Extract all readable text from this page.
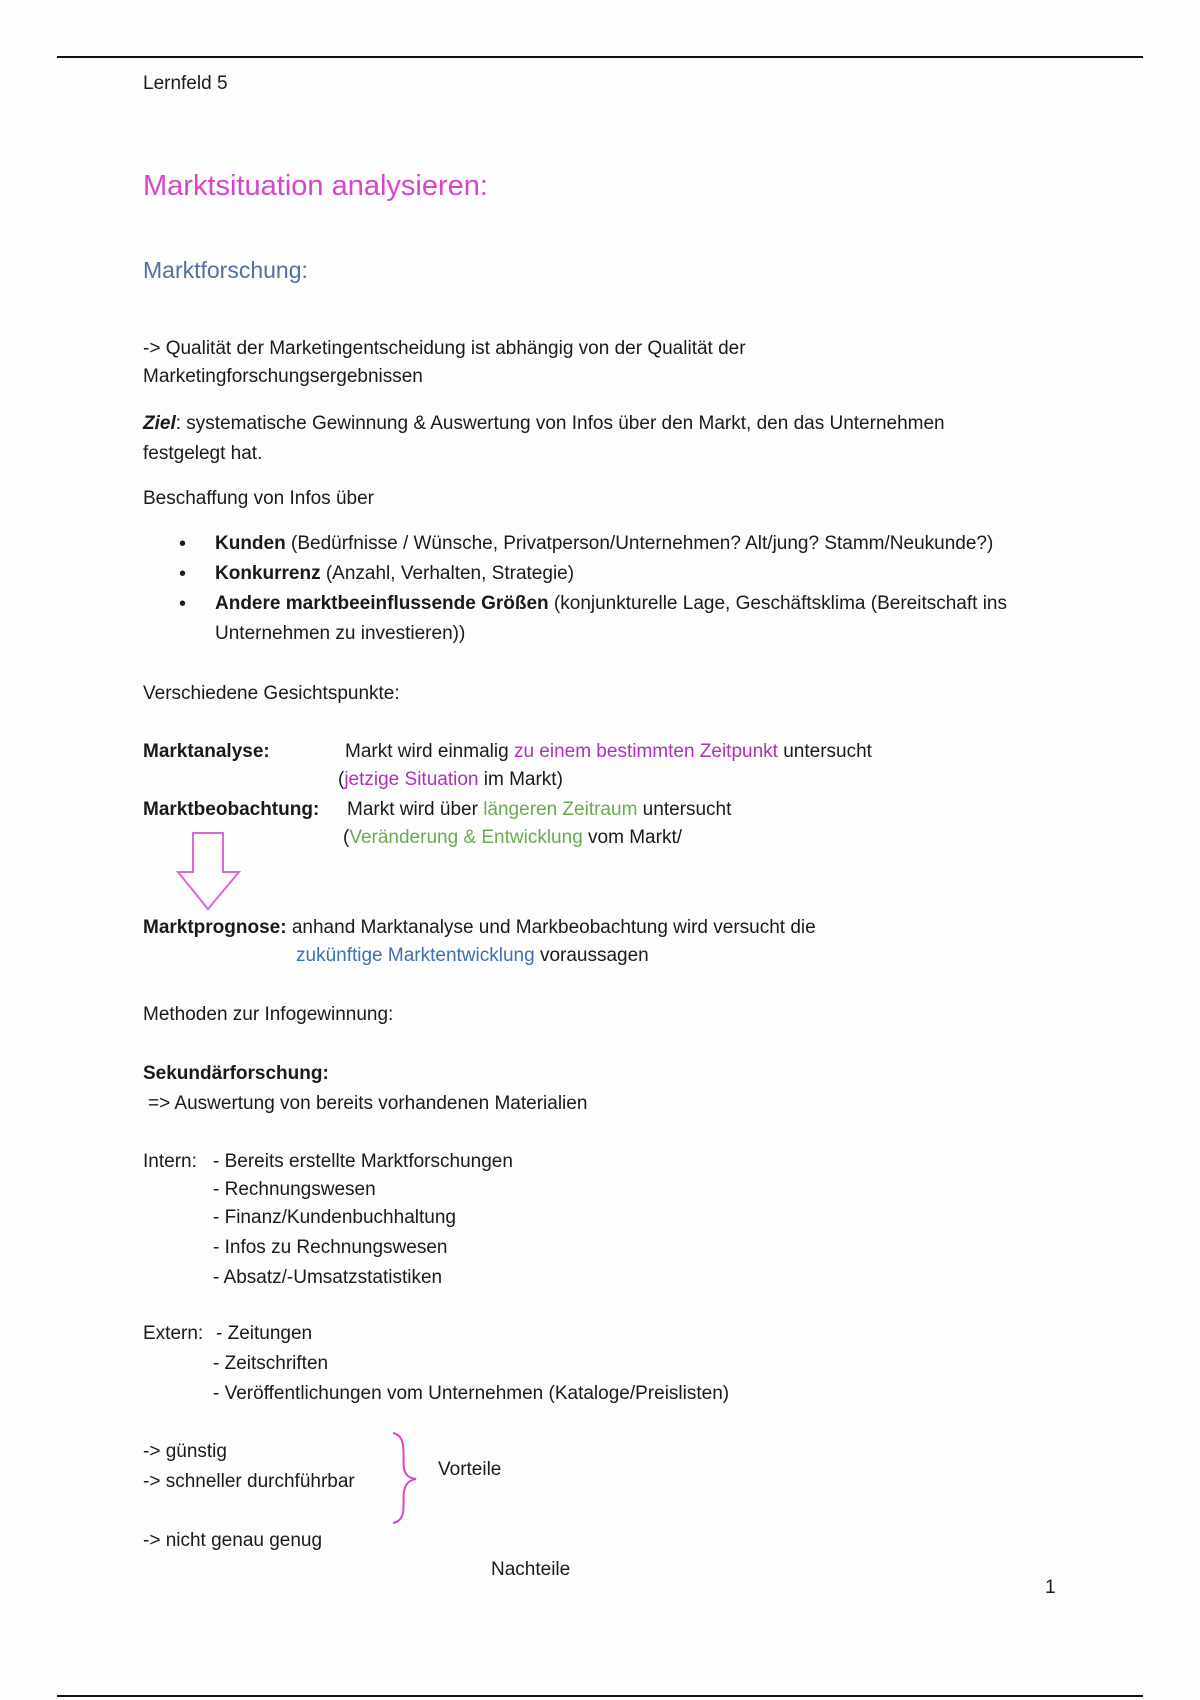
Lernfeld 5
Marktsituation analysieren:
Marktforschung:
-> Qualität der Marketingentscheidung ist abhängig von der Qualität der
Marketingforschungsergebnissen
Ziel: systematische Gewinnung & Auswertung von Infos über den Markt, den das Unternehmen
festgelegt hat.
Beschaffung von Infos über
• Kunden (Bedürfnisse / Wünsche, Privatperson/Unternehmen? Alt/jung? Stamm/Neukunde?)
• Konkurrenz (Anzahl, Verhalten, Strategie)
• Andere marktbeeinflussende Größen (konjunkturelle Lage, Geschäftsklima (Bereitschaft ins
Unternehmen zu investieren))
Verschiedene Gesichtspunkte:
Marktanalyse:	Markt wird einmalig zu einem bestimmten Zeitpunkt untersucht
(jetzige Situation im Markt)
Marktbeobachtung: Markt wird über längeren Zeitraum untersucht
(Veränderung & Entwicklung vom Markt/
Marktprognose: anhand Marktanalyse und Markbeobachtung wird versucht die
zukünftige Marktentwicklung voraussagen
Methoden zur Infogewinnung:
Sekundärforschung:
=> Auswertung von bereits vorhandenen Materialien
Intern: - Bereits erstellte Marktforschungen
- Rechnungswesen
- Finanz/Kundenbuchhaltung
- Infos zu Rechnungswesen
- Absatz/-Umsatzstatistiken
Extern: - Zeitungen
- Zeitschriften
- Veröffentlichungen vom Unternehmen (Kataloge/Preislisten)
-> günstig
-> schneller durchführbar
Vorteile
-> nicht genau genug
Nachteile
1
